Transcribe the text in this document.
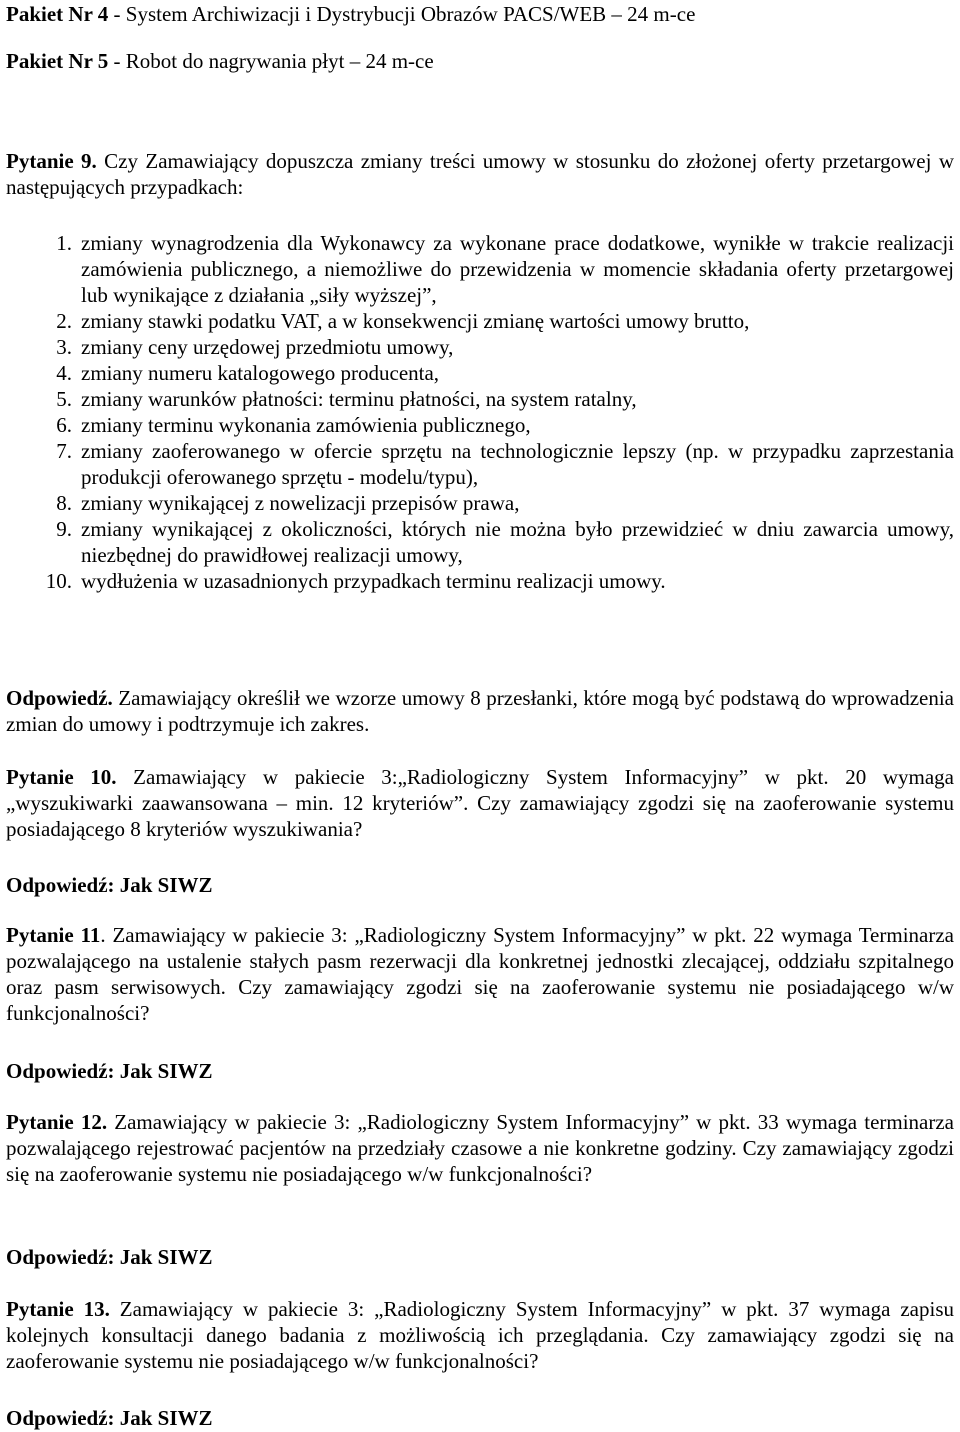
Pakiet Nr 4 - System Archiwizacji i Dystrybucji Obrazów PACS/WEB – 24 m-ce

Pakiet Nr 5 - Robot do nagrywania płyt – 24 m-ce

Pytanie 9. Czy Zamawiający dopuszcza zmiany treści umowy w stosunku do złożonej oferty przetargowej w następujących przypadkach:

1. zmiany wynagrodzenia dla Wykonawcy za wykonane prace dodatkowe, wynikłe w trakcie realizacji zamówienia publicznego, a niemożliwe do przewidzenia w momencie składania oferty przetargowej lub wynikające z działania „siły wyższej”,
2. zmiany stawki podatku VAT, a w konsekwencji zmianę wartości umowy brutto,
3. zmiany ceny urzędowej przedmiotu umowy,
4. zmiany numeru katalogowego producenta,
5. zmiany warunków płatności: terminu płatności, na system ratalny,
6. zmiany terminu wykonania zamówienia publicznego,
7. zmiany zaoferowanego w ofercie sprzętu na technologicznie lepszy (np. w przypadku zaprzestania produkcji oferowanego sprzętu - modelu/typu),
8. zmiany wynikającej z nowelizacji przepisów prawa,
9. zmiany wynikającej z okoliczności, których nie można było przewidzieć w dniu zawarcia umowy, niezbędnej do prawidłowej realizacji umowy,
10. wydłużenia w uzasadnionych przypadkach terminu realizacji umowy.

Odpowiedź. Zamawiający określił we wzorze umowy 8 przesłanki, które mogą być podstawą do wprowadzenia zmian do umowy i podtrzymuje ich zakres.

Pytanie 10. Zamawiający w pakiecie 3:„Radiologiczny System Informacyjny” w pkt. 20 wymaga „wyszukiwarki zaawansowana – min. 12 kryteriów”. Czy zamawiający zgodzi się na zaoferowanie systemu posiadającego 8 kryteriów wyszukiwania?

Odpowiedź: Jak SIWZ

Pytanie 11. Zamawiający w pakiecie 3: „Radiologiczny System Informacyjny” w pkt. 22 wymaga Terminarza pozwalającego na ustalenie stałych pasm rezerwacji dla konkretnej jednostki zlecającej, oddziału szpitalnego oraz pasm serwisowych. Czy zamawiający zgodzi się na zaoferowanie systemu nie posiadającego w/w funkcjonalności?

Odpowiedź: Jak SIWZ

Pytanie 12. Zamawiający w pakiecie 3: „Radiologiczny System Informacyjny” w pkt. 33 wymaga terminarza pozwalającego rejestrować pacjentów na przedziały czasowe a nie konkretne godziny. Czy zamawiający zgodzi się na zaoferowanie systemu nie posiadającego w/w funkcjonalności?

Odpowiedź: Jak SIWZ

Pytanie 13. Zamawiający w pakiecie 3: „Radiologiczny System Informacyjny” w pkt. 37 wymaga zapisu kolejnych konsultacji danego badania z możliwością ich przeglądania. Czy zamawiający zgodzi się na zaoferowanie systemu nie posiadającego w/w funkcjonalności?

Odpowiedź: Jak SIWZ
